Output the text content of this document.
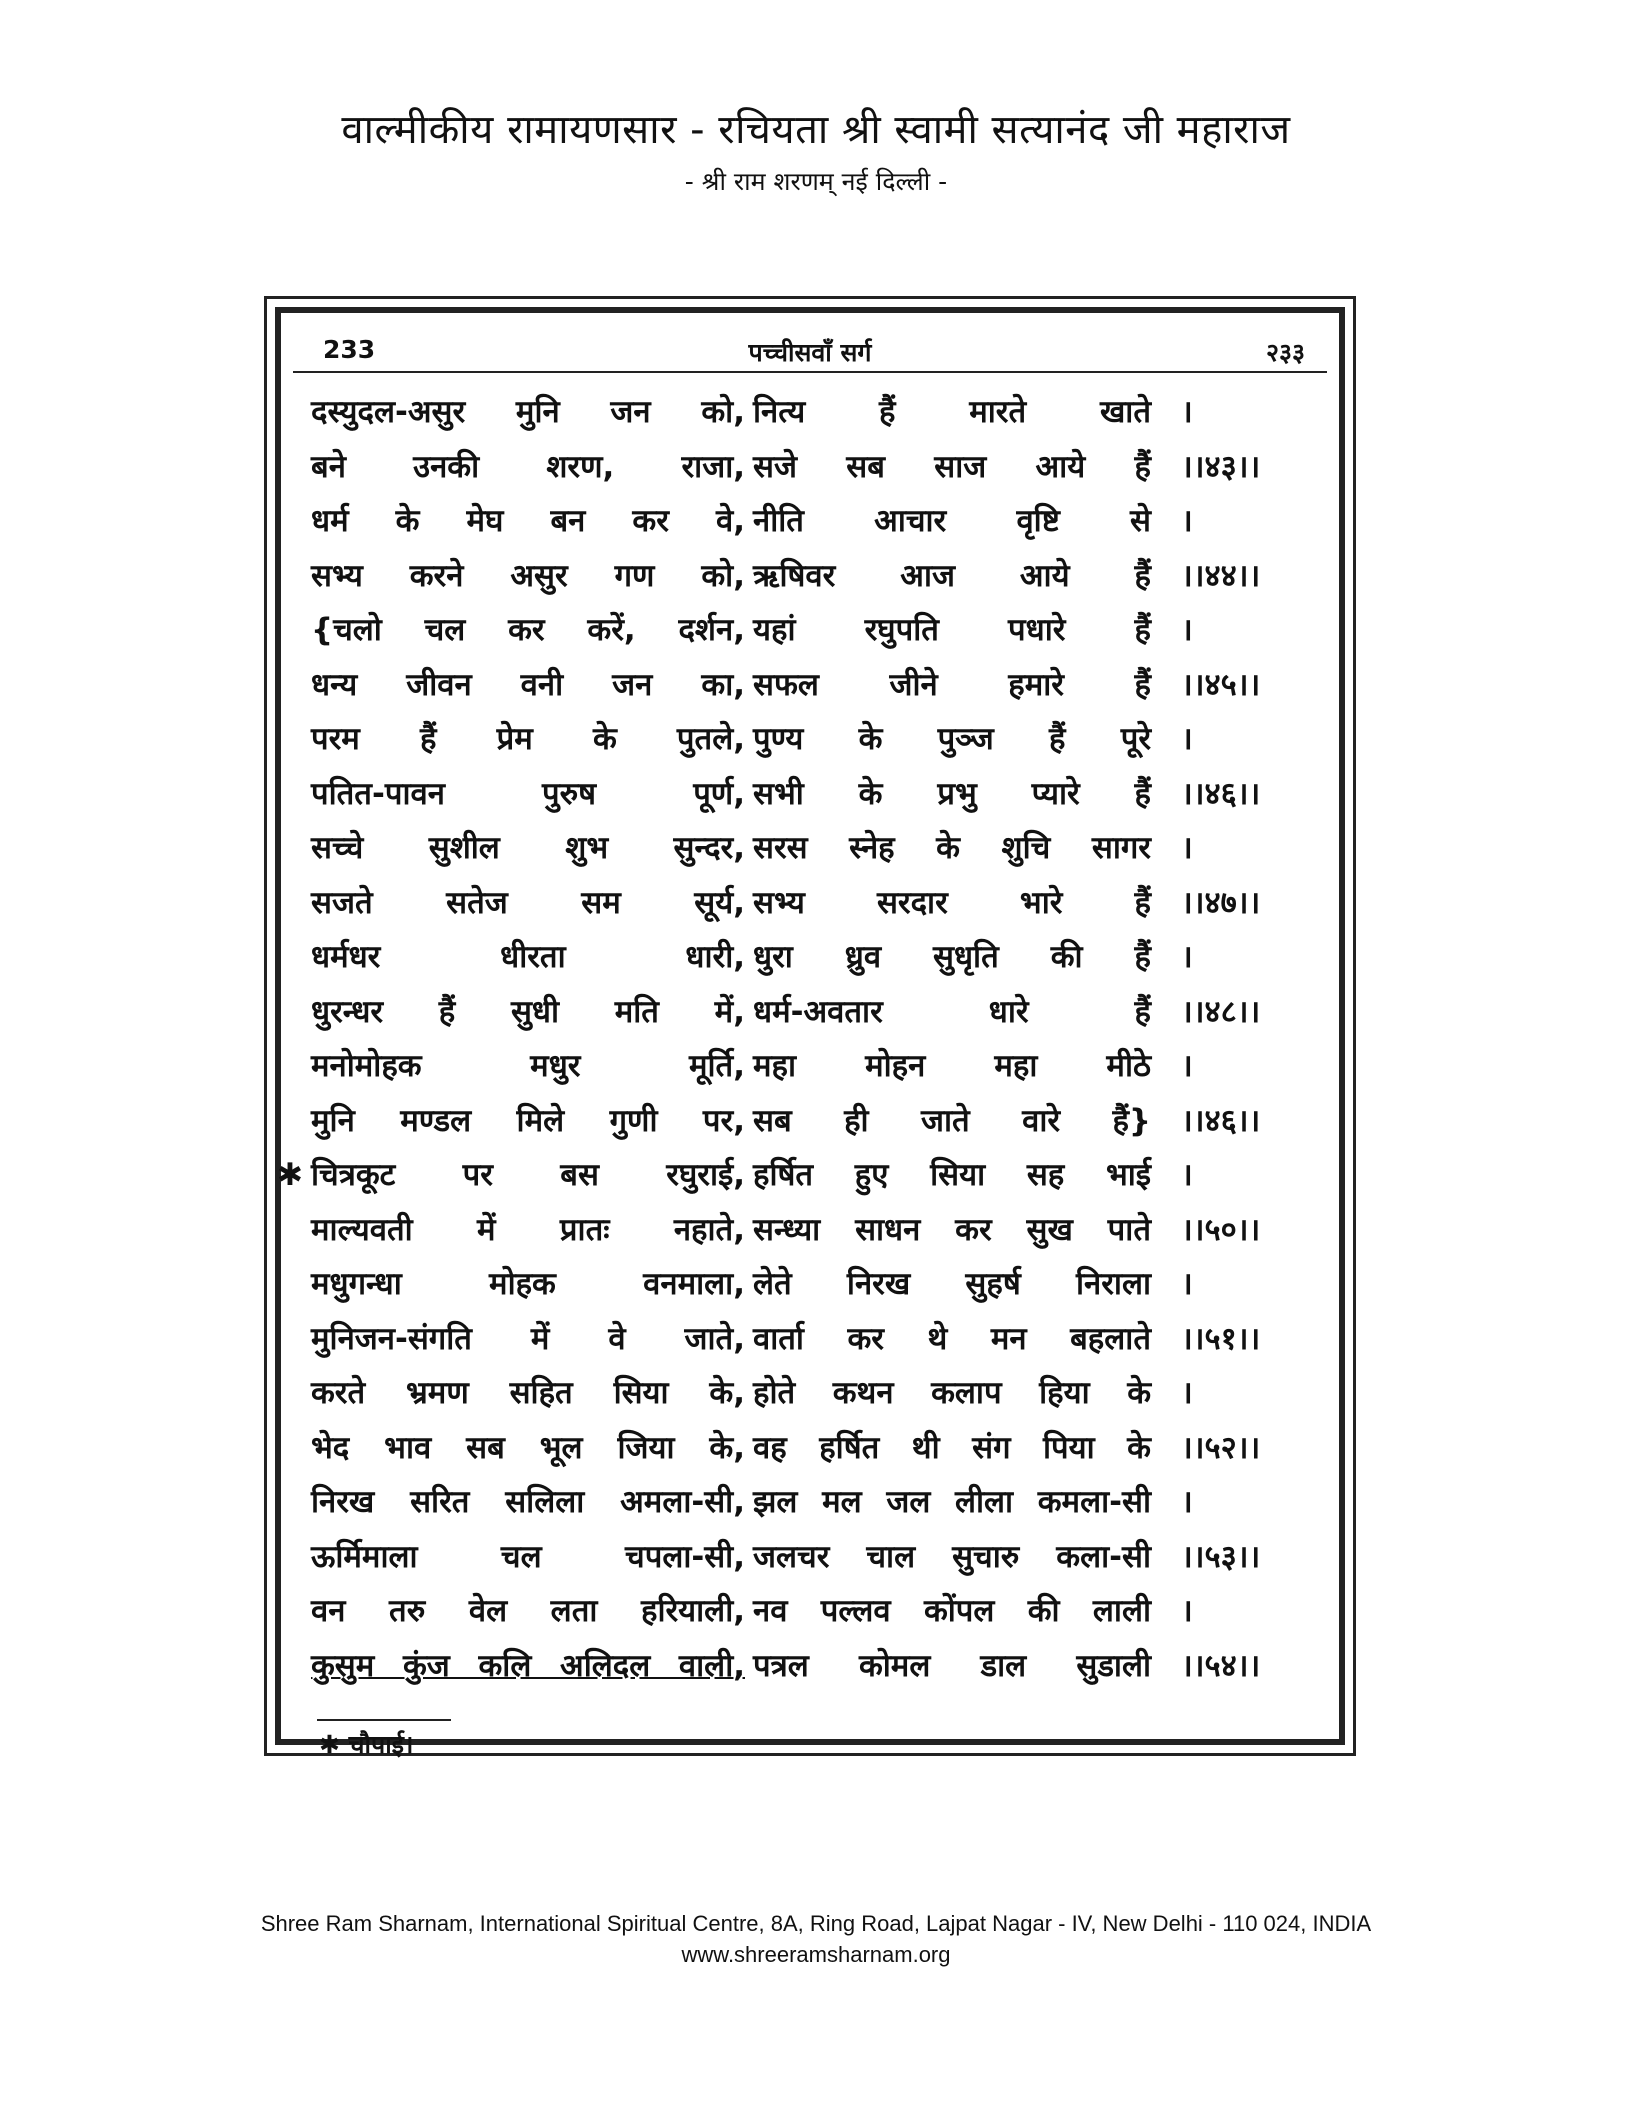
वाल्मीकीय रामायणसार - रचियता श्री स्वामी सत्यानंद जी महाराज
- श्री राम शरणम् नई दिल्ली -
233	पच्चीसवाँ सर्ग	२३३
दस्युदल-असुर मुनि जन को, नित्य हैं मारते खाते ।
बने उनकी शरण, राजा, सजे सब साज आये हैं ।।४३।।
धर्म के मेघ बन कर वे, नीति आचार वृष्टि से ।
सभ्य करने असुर गण को, ऋषिवर आज आये हैं ।।४४।।
{चलो चल कर करें, दर्शन, यहां रघुपति पधारे हैं ।
धन्य जीवन वनी जन का, सफल जीने हमारे हैं ।।४५।।
परम हैं प्रेम के पुतले, पुण्य के पुञ्ज हैं पूरे ।
पतित-पावन पुरुष पूर्ण, सभी के प्रभु प्यारे हैं ।।४६।।
सच्चे सुशील शुभ सुन्दर, सरस स्नेह के शुचि सागर ।
सजते सतेज सम सूर्य, सभ्य सरदार भारे हैं ।।४७।।
धर्मधर धीरता धारी, धुरा ध्रुव सुधृति की हैं ।
धुरन्धर हैं सुधी मति में, धर्म-अवतार धारे हैं ।।४८।।
मनोमोहक मधुर मूर्ति, महा मोहन महा मीठे ।
मुनि मण्डल मिले गुणी पर, सब ही जाते वारे हैं} ।।४६।।
✱ चित्रकूट पर बस रघुराई, हर्षित हुए सिया सह भाई ।
माल्यवती में प्रातः नहाते, सन्ध्या साधन कर सुख पाते ।।५०।।
मधुगन्धा मोहक वनमाला, लेते निरख सुहर्ष निराला ।
मुनिजन-संगति में वे जाते, वार्ता कर थे मन बहलाते ।।५१।।
करते भ्रमण सहित सिया के, होते कथन कलाप हिया के ।
भेद भाव सब भूल जिया के, वह हर्षित थी संग पिया के ।।५२।।
निरख सरित सलिला अमला-सी, झल मल जल लीला कमला-सी ।
ऊर्मिमाला चल चपला-सी, जलचर चाल सुचारु कला-सी ।।५३।।
वन तरु वेल लता हरियाली, नव पल्लव कोंपल की लाली ।
कुसुम कुंज कलि अलिदल वाली, पत्रल कोमल डाल सुडाली ।।५४।।
✱ चौपाई।
Shree Ram Sharnam, International Spiritual Centre, 8A, Ring Road, Lajpat Nagar - IV, New Delhi - 110 024, INDIA
www.shreeramsharnam.org
